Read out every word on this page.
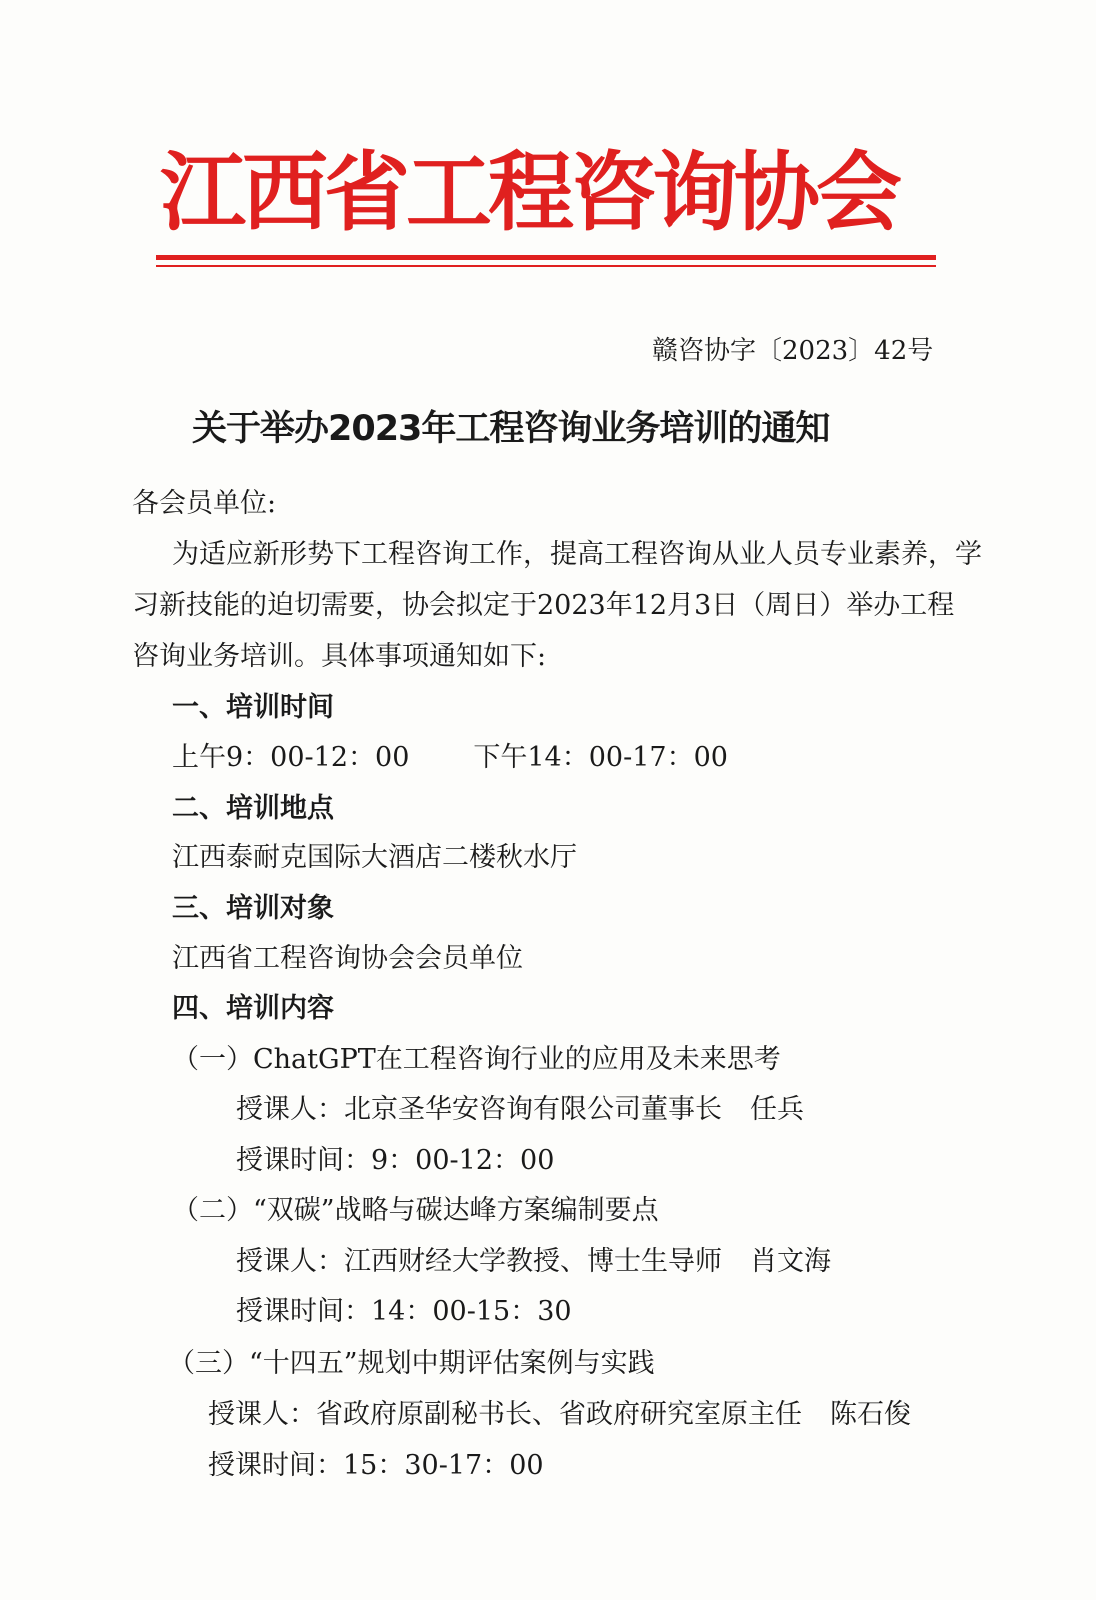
江西省工程咨询协会
赣咨协字〔2023〕42号
关于举办2023年工程咨询业务培训的通知
各会员单位:
为适应新形势下工程咨询工作，提高工程咨询从业人员专业素养，学
习新技能的迫切需要，协会拟定于2023年12月3日（周日）举办工程
咨询业务培训。具体事项通知如下:
一、培训时间
上午9：00-12：00 下午14：00-17：00
二、培训地点
江西泰耐克国际大酒店二楼秋水厅
三、培训对象
江西省工程咨询协会会员单位
四、培训内容
（一）ChatGPT在工程咨询行业的应用及未来思考
授课人：北京圣华安咨询有限公司董事长 任兵
授课时间：9：00-12：00
（二）“双碳”战略与碳达峰方案编制要点
授课人：江西财经大学教授、博士生导师 肖文海
授课时间：14：00-15：30
（三）“十四五”规划中期评估案例与实践
授课人：省政府原副秘书长、省政府研究室原主任 陈石俊
授课时间：15：30-17：00
